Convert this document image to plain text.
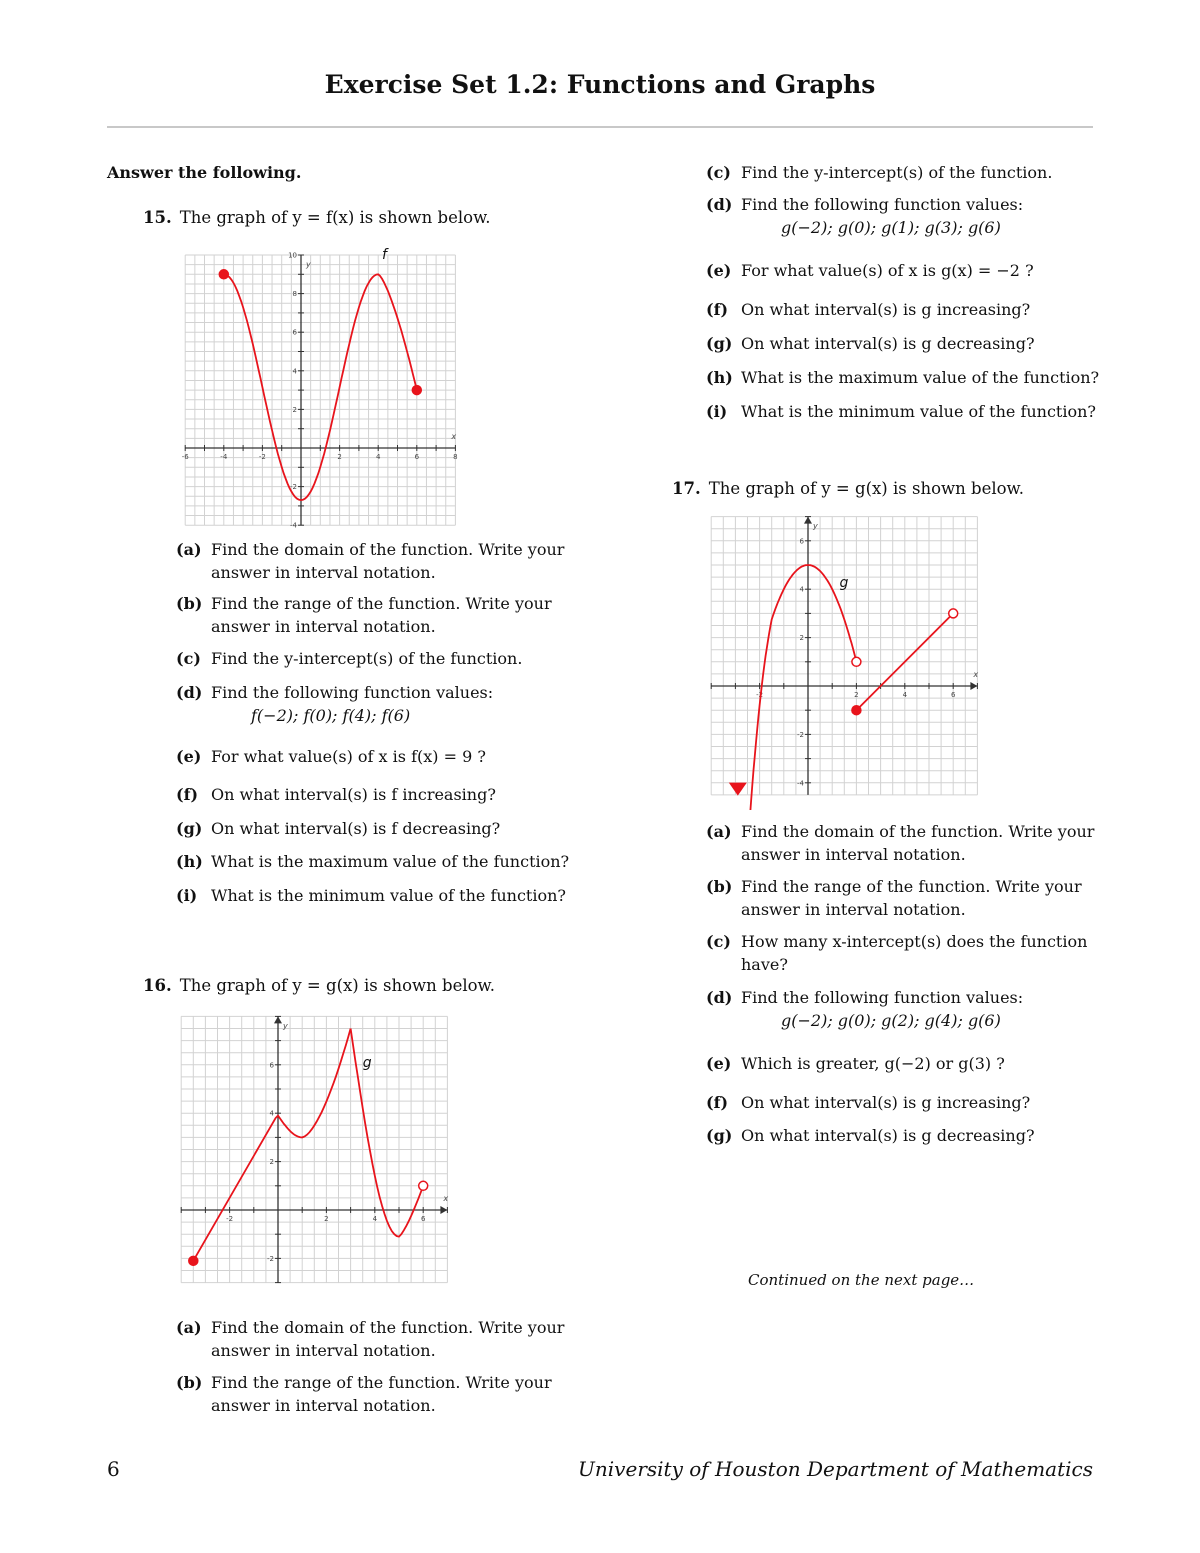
Exercise Set 1.2: Functions and Graphs
Answer the following.
15. The graph of y = f(x) is shown below.
-6	-4	-2	2	4	6	8
10
8
6
4
2
-2
-4
x
y
f
16. The graph of y = g(x) is shown below.
-2	2	4	6
6
4
2
-2
x
y
g
17. The graph of y = g(x) is shown below.
-2	2	4	6
6
4
2
-2
-4
x
y
g
Continued on the next page…
6	University of Houston Department of Mathematics
(a) Find the domain of the function. Write your
answer in interval notation.
(b) Find the range of the function. Write your
answer in interval notation.
(c) Find the y-intercept(s) of the function.
(d) Find the following function values:
f(−2); f(0); f(4); f(6)
(e) For what value(s) of x is f(x) = 9 ?
(f) On what interval(s) is f increasing?
(g) On what interval(s) is f decreasing?
(h) What is the maximum value of the function?
(i) What is the minimum value of the function?
(a) Find the domain of the function. Write your
answer in interval notation.
(b) Find the range of the function. Write your
answer in interval notation.
(c) Find the y-intercept(s) of the function.
(d) Find the following function values:
g(−2); g(0); g(1); g(3); g(6)
(e) For what value(s) of x is g(x) = −2 ?
(f) On what interval(s) is g increasing?
(g) On what interval(s) is g decreasing?
(h) What is the maximum value of the function?
(i) What is the minimum value of the function?
(a) Find the domain of the function. Write your
answer in interval notation.
(b) Find the range of the function. Write your
answer in interval notation.
(c) How many x-intercept(s) does the function
have?
(d) Find the following function values:
g(−2); g(0); g(2); g(4); g(6)
(e) Which is greater, g(−2) or g(3) ?
(f) On what interval(s) is g increasing?
(g) On what interval(s) is g decreasing?
